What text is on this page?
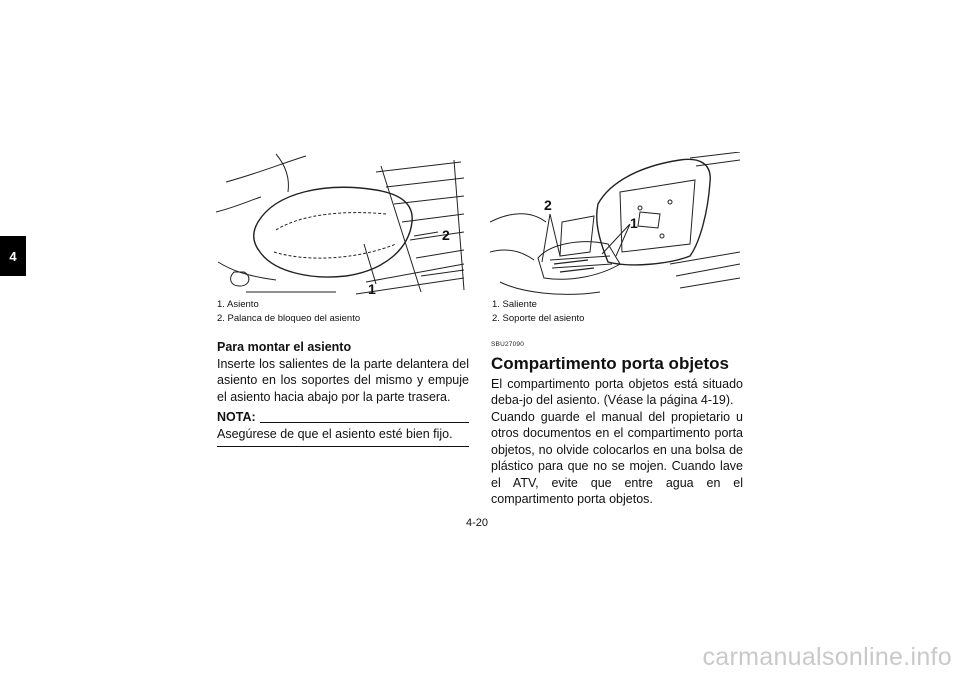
4
1
2
2
1
1. Asiento
2. Palanca de bloqueo del asiento
1. Saliente
2. Soporte del asiento
Para montar el asiento

Inserte los salientes de la parte delantera del asiento en los soportes del mismo y empuje el asiento hacia abajo por la parte trasera.

NOTA:

Asegúrese de que el asiento esté bien fijo.

SBU27090
Compartimento porta objetos

El compartimento porta objetos está situado deba-jo del asiento. (Véase la página 4-19).

Cuando guarde el manual del propietario u otros documentos en el compartimento porta objetos, no olvide colocarlos en una bolsa de plástico para que no se mojen. Cuando lave el ATV, evite que entre agua en el compartimento porta objetos.

4-20
carmanualsonline.info
